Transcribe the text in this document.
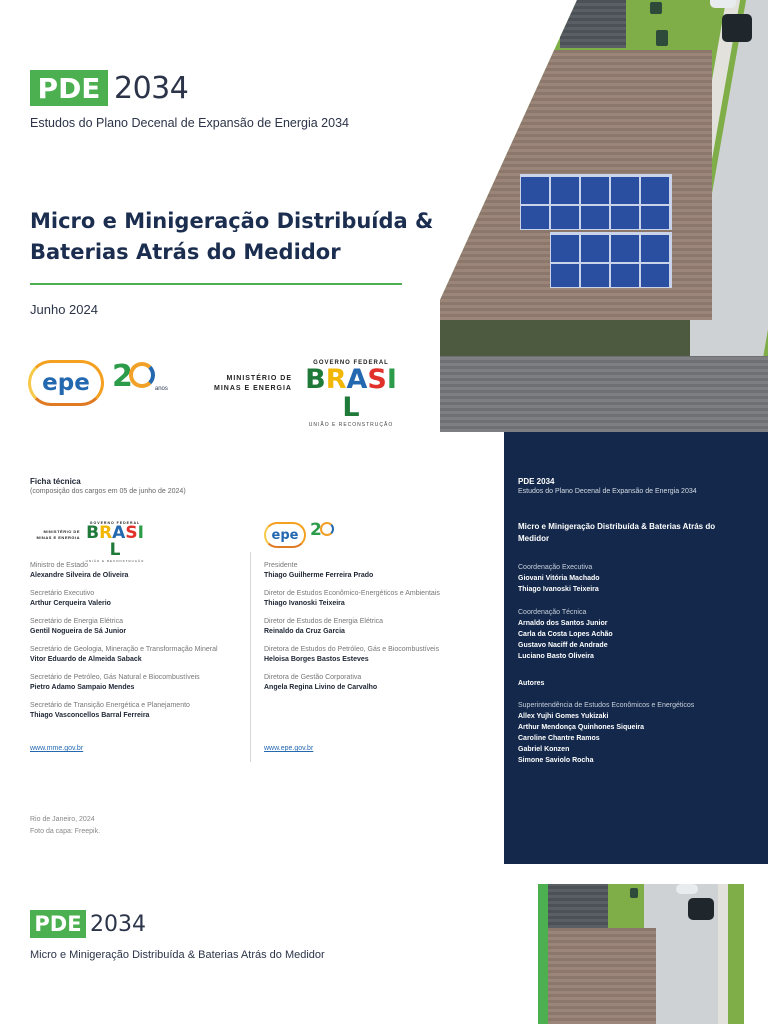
PDE 2034
Estudos do Plano Decenal de Expansão de Energia 2034
Micro e Minigeração Distribuída & Baterias Atrás do Medidor
Junho 2024
epe 2	anos
MINISTÉRIO DE
MINAS E ENERGIA
GOVERNO FEDERAL
BRASIL
UNIÃO E RECONSTRUÇÃO
Ficha técnica
(composição dos cargos em 05 de junho de 2024)
MINISTÉRIO DE
MINAS E ENERGIA
GOVERNO FEDERAL
BRASIL
UNIÃO E RECONSTRUÇÃO
epe 2
Ministro de Estado
Alexandre Silveira de Oliveira
Secretário Executivo
Arthur Cerqueira Valerio
Secretário de Energia Elétrica
Gentil Nogueira de Sá Junior
Secretário de Geologia, Mineração e Transformação Mineral
Vitor Eduardo de Almeida Saback
Secretário de Petróleo, Gás Natural e Biocombustíveis
Pietro Adamo Sampaio Mendes
Secretário de Transição Energética e Planejamento
Thiago Vasconcellos Barral Ferreira
Presidente
Thiago Guilherme Ferreira Prado
Diretor de Estudos Econômico-Energéticos e Ambientais
Thiago Ivanoski Teixeira
Diretor de Estudos de Energia Elétrica
Reinaldo da Cruz Garcia
Diretora de Estudos do Petróleo, Gás e Biocombustíveis
Heloisa Borges Bastos Esteves
Diretora de Gestão Corporativa
Angela Regina Livino de Carvalho
www.mme.gov.br	www.epe.gov.br
Rio de Janeiro, 2024
Foto da capa: Freepik.
PDE 2034
Estudos do Plano Decenal de Expansão de Energia 2034
Micro e Minigeração Distribuída & Baterias Atrás do Medidor
Coordenação Executiva
Giovani Vitória Machado
Thiago Ivanoski Teixeira
Coordenação Técnica
Arnaldo dos Santos Junior
Carla da Costa Lopes Achão
Gustavo Naciff de Andrade
Luciano Basto Oliveira
Autores
Superintendência de Estudos Econômicos e Energéticos
Allex Yujhi Gomes Yukizaki
Arthur Mendonça Quinhones Siqueira
Caroline Chantre Ramos
Gabriel Konzen
Simone Saviolo Rocha
PDE 2034
Micro e Minigeração Distribuída & Baterias Atrás do Medidor
